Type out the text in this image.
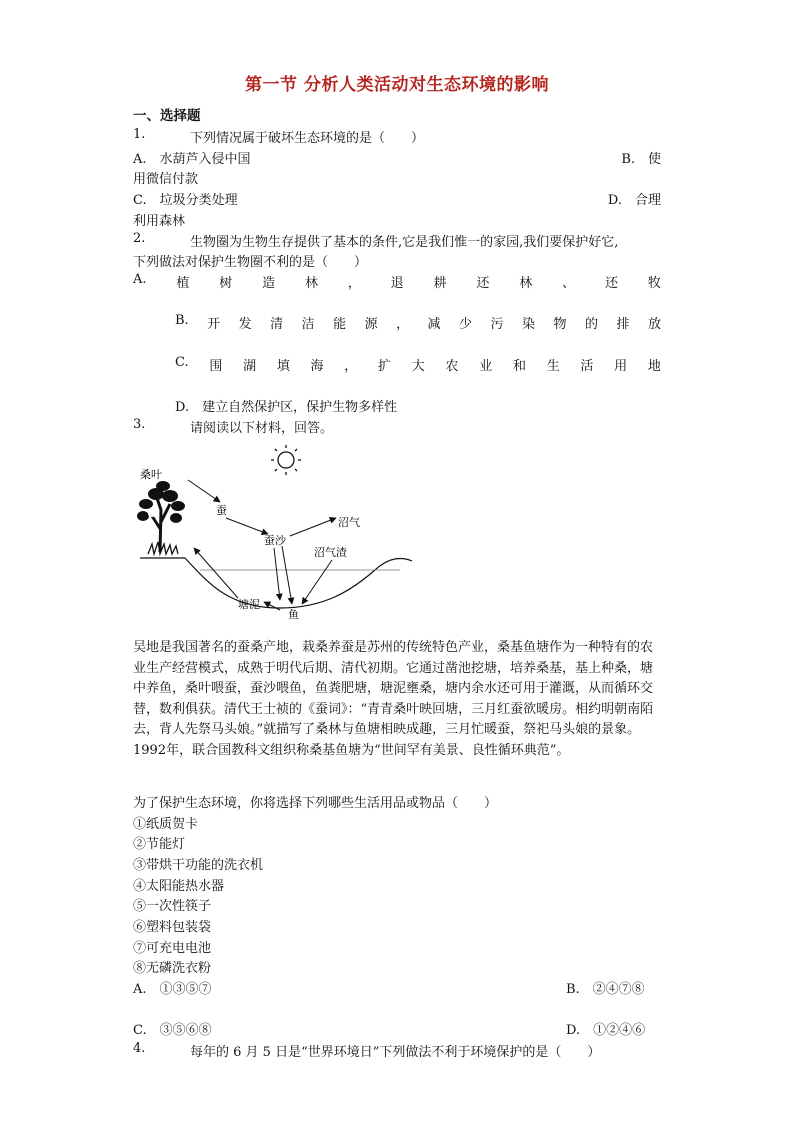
第一节 分析人类活动对生态环境的影响
一、选择题
1.	下列情况属于破坏生态环境的是（　　）
A.　水葫芦入侵中国	B.　使
用微信付款
C.　垃圾分类处理	D.　合理
利用森林
2.	生物圈为生物生存提供了基本的条件,它是我们惟一的家园,我们要保护好它,
下列做法对保护生物圈不利的是（　　）
A. 植 树 造 林 ， 退 耕 还 林 、 还 牧
B. 开 发 清 洁 能 源 ， 减 少 污 染 物 的 排 放
C. 围 湖 填 海 ， 扩 大 农 业 和 生 活 用 地
D.　建立自然保护区，保护生物多样性
3.	请阅读以下材料，回答。
桑叶
蚕
蚕沙
沼气
沼气渣
塘泥
鱼
吴地是我国著名的蚕桑产地，栽桑养蚕是苏州的传统特色产业，桑基鱼塘作为一种特有的农业生产经营模式，成熟于明代后期、清代初期。它通过凿池挖塘，培养桑基，基上种桑，塘中养鱼，桑叶喂蚕，蚕沙喂鱼，鱼粪肥塘，塘泥壅桑，塘内余水还可用于灌溉，从而循环交替，数利俱获。清代王士祯的《蚕词》：“青青桑叶映回塘，三月红蚕欲暖房。相约明朝南陌去，背人先祭马头娘。”就描写了桑林与鱼塘相映成趣，三月忙暖蚕，祭祀马头娘的景象。1992年，联合国教科文组织称桑基鱼塘为“世间罕有美景、良性循环典范”。
为了保护生态环境，你将选择下列哪些生活用品或物品（　　）
①纸质贺卡
②节能灯
③带烘干功能的洗衣机
④太阳能热水器
⑤一次性筷子
⑥塑料包装袋
⑦可充电电池
⑧无磷洗衣粉
A.　①③⑤⑦	B.　②④⑦⑧
C.　③⑤⑥⑧	D.　①②④⑥
4.	每年的 6 月 5 日是“世界环境日”下列做法不利于环境保护的是（　　）
